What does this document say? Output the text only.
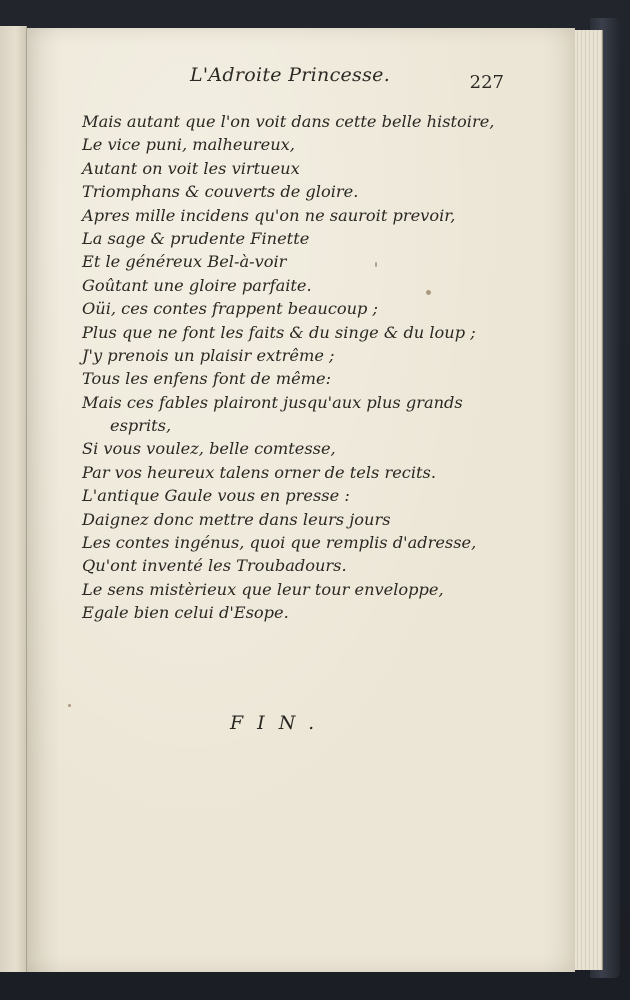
L'Adroite Princesse.	227
Mais autant que l'on voit dans cette belle histoire,
Le vice puni, malheureux,
Autant on voit les virtueux
Triomphans & couverts de gloire.
Apres mille incidens qu'on ne sauroit prevoir,
La sage & prudente Finette
Et le généreux Bel-à-voir
Goûtant une gloire parfaite.
Oüi, ces contes frappent beaucoup ;
Plus que ne font les faits & du singe & du loup ;
J'y prenois un plaisir extrême ;
Tous les enfens font de même:
Mais ces fables plairont jusqu'aux plus grands
esprits,
Si vous voulez, belle comtesse,
Par vos heureux talens orner de tels recits.
L'antique Gaule vous en presse :
Daignez donc mettre dans leurs jours
Les contes ingénus, quoi que remplis d'adresse,
Qu'ont inventé les Troubadours.
Le sens mistèrieux que leur tour enveloppe,
Egale bien celui d'Esope.
FIN.
